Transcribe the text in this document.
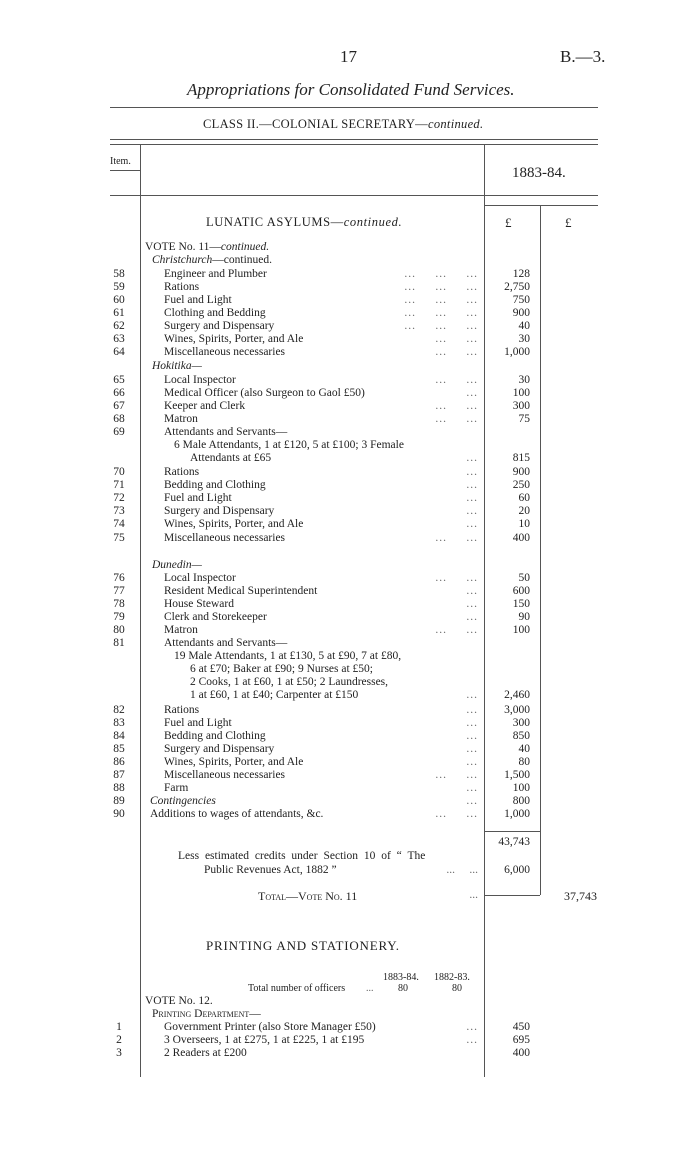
17	B.—3.
Appropriations for Consolidated Fund Services.
CLASS II.—COLONIAL SECRETARY—continued.
Item.
1883-84.
LUNATIC ASYLUMS—continued.	£	£
VOTE No. 11—continued.
Christchurch—continued.
Hokitika—
Dunedin—
58	Engineer and Plumber	...     ...     ...	128
59	Rations	...     ...     ...	2,750
60	Fuel and Light	...     ...     ...	750
61	Clothing and Bedding	...     ...     ...	900
62	Surgery and Dispensary	...     ...     ...	40
63	Wines, Spirits, Porter, and Ale	...     ...	30
64	Miscellaneous necessaries	...     ...	1,000
65	Local Inspector	...     ...	30
66	Medical Officer (also Surgeon to Gaol £50)	...	100
67	Keeper and Clerk	...     ...	300
68	Matron	...     ...	75
69	Attendants and Servants—
6 Male Attendants, 1 at £120, 5 at £100; 3 Female
Attendants at £65	...	815
70	Rations	...	900
71	Bedding and Clothing	...	250
72	Fuel and Light	...	60
73	Surgery and Dispensary	...	20
74	Wines, Spirits, Porter, and Ale	...	10
75	Miscellaneous necessaries	...     ...	400
76	Local Inspector	...     ...	50
77	Resident Medical Superintendent	...	600
78	House Steward	...	150
79	Clerk and Storekeeper	...	90
80	Matron	...     ...	100
81	Attendants and Servants—
19 Male Attendants, 1 at £130, 5 at £90, 7 at £80,
6 at £70; Baker at £90; 9 Nurses at £50;
2 Cooks, 1 at £60, 1 at £50; 2 Laundresses,
1 at £60, 1 at £40; Carpenter at £150	...	2,460
82	Rations	...	3,000
83	Fuel and Light	...	300
84	Bedding and Clothing	...	850
85	Surgery and Dispensary	...	40
86	Wines, Spirits, Porter, and Ale	...	80
87	Miscellaneous necessaries	...     ...	1,500
88	Farm	...	100
89	Contingencies	...	800
90	Additions to wages of attendants, &c.	...     ...	1,000
43,743
Less estimated credits under Section 10 of “ The
Public Revenues Act, 1882 ”	...     ...	6,000
Total—Vote No. 11	...	37,743
PRINTING AND STATIONERY.
1883-84. 1882-83.
Total number of officers ... 80	80
VOTE No. 12.
Printing Department—
1	Government Printer (also Store Manager £50)	...	450
2	3 Overseers, 1 at £275, 1 at £225, 1 at £195	...	695
3	2 Readers at £200	400
